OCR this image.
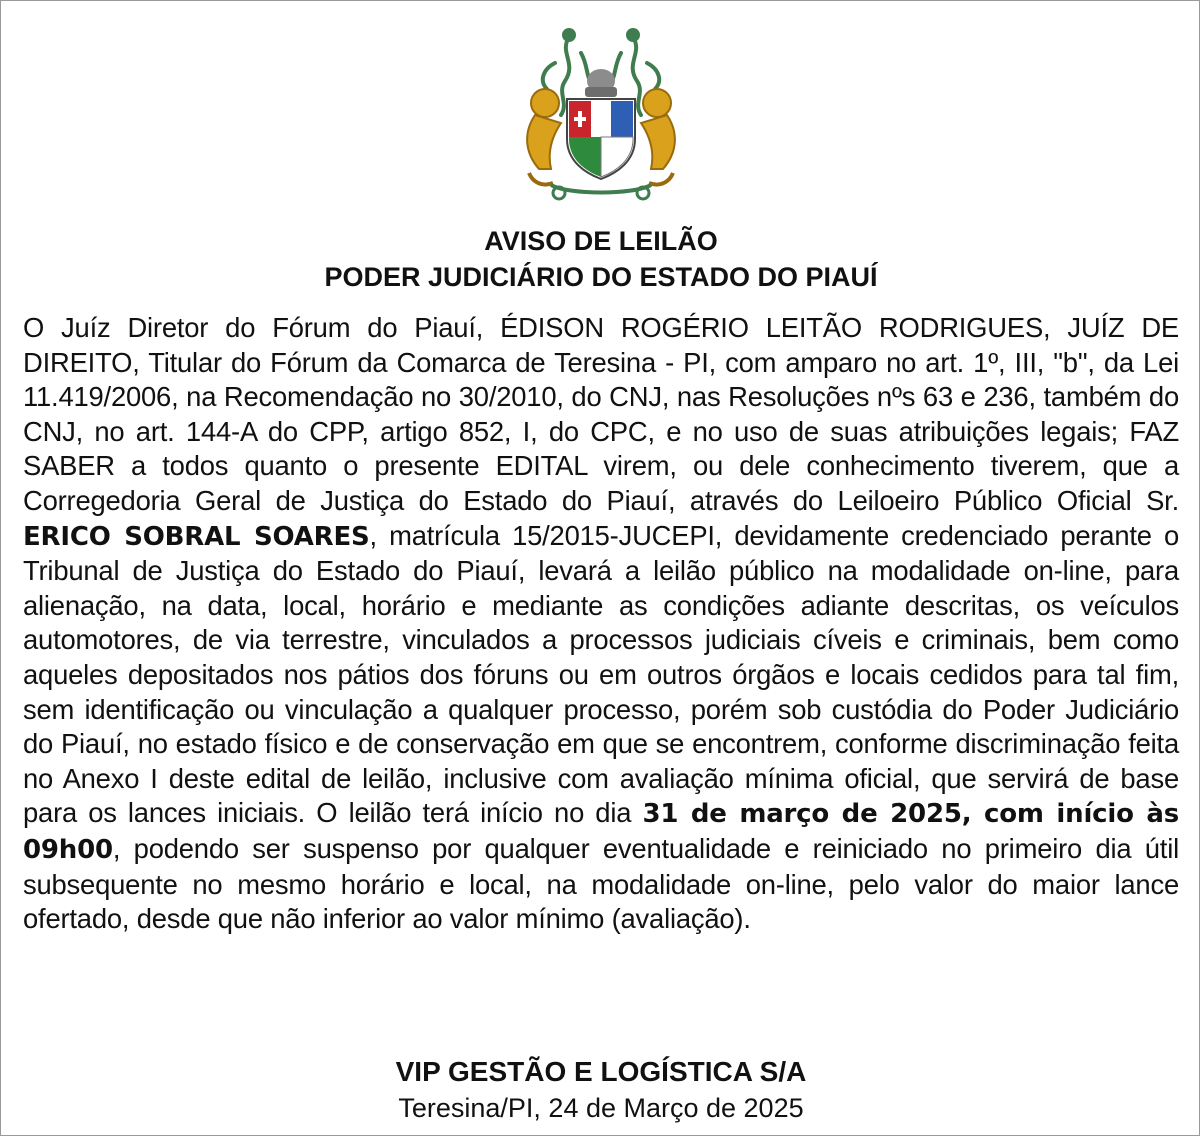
AVISO DE LEILÃO
PODER JUDICIÁRIO DO ESTADO DO PIAUÍ
O Juíz Diretor do Fórum do Piauí, ÉDISON ROGÉRIO LEITÃO RODRIGUES, JUÍZ DE DIREITO, Titular do Fórum da Comarca de Teresina - PI, com amparo no art. 1º, III, "b", da Lei 11.419/2006, na Recomendação no 30/2010, do CNJ, nas Resoluções nºs 63 e 236, também do CNJ, no art. 144-A do CPP, artigo 852, I, do CPC, e no uso de suas atribuições legais; FAZ SABER a todos quanto o presente EDITAL virem, ou dele conhecimento tiverem, que a Corregedoria Geral de Justiça do Estado do Piauí, através do Leiloeiro Público Oficial Sr. ERICO SOBRAL SOARES, matrícula 15/2015-JUCEPI, devidamente credenciado perante o Tribunal de Justiça do Estado do Piauí, levará a leilão público na modalidade on-line, para alienação, na data, local, horário e mediante as condições adiante descritas, os veículos automotores, de via terrestre, vinculados a processos judiciais cíveis e criminais, bem como aqueles depositados nos pátios dos fóruns ou em outros órgãos e locais cedidos para tal fim, sem identificação ou vinculação a qualquer processo, porém sob custódia do Poder Judiciário do Piauí, no estado físico e de conservação em que se encontrem, conforme discriminação feita no Anexo I deste edital de leilão, inclusive com avaliação mínima oficial, que servirá de base para os lances iniciais. O leilão terá início no dia 31 de março de 2025, com início às 09h00, podendo ser suspenso por qualquer eventualidade e reiniciado no primeiro dia útil subsequente no mesmo horário e local, na modalidade on-line, pelo valor do maior lance ofertado, desde que não inferior ao valor mínimo (avaliação).
VIP GESTÃO E LOGÍSTICA S/A
Teresina/PI, 24 de Março de 2025
